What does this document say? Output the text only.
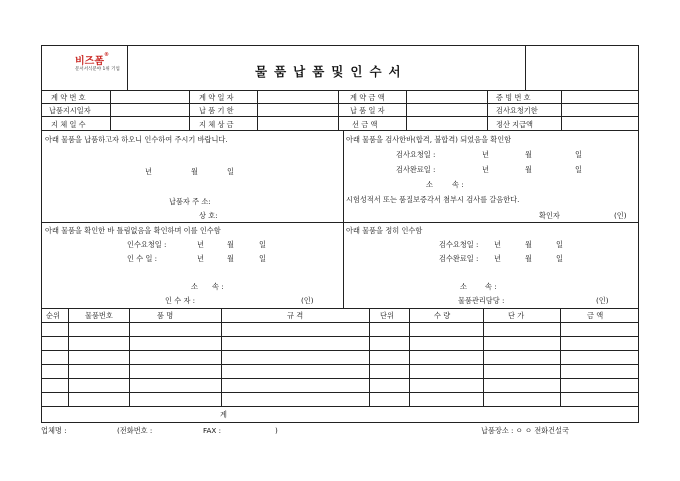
비즈폼®
문서서식분야 1위 기업	물품납품및인수서
계 약 번 호	계 약 일 자	계 약 금 액	증 빙 번 호
납품지시일자	납 품 기 한	납 품 일 자	검사요청기한
지 체 일 수	지 체 상 금	선 금 액	정산 지급액
아래 물품을 납품하고자 하오니 인수하여 주시기 바랍니다.
년	월	일
납품자 주 소:
상 호:
아래 물품을 검사한바(합격, 불합격) 되었음을 확인함
검사요청일 :	년	월	일
검사완료일 :	년	월	일
소	속 :
시험성적서 또는 품질보증각서 첨부시 검사를 갈음한다.
확인자	(인)
아래 물품을 확인한 바 틀림없음을 확인하며 이를 인수함
인수요청일 :	년	월	일
인 수 일 :	년	월	일
소 속 :
인 수 자 :	(인)
아래 물품을 정히 인수함
검수요청일 : 년	월	일
검수완료일 : 년	월	일
소	속 :
물품관리담당 :	(인)
순위	물품번호	품 명	규 격	단위	수 량	단 가	금 액
계
업체명 :	(전화번호 :	FAX :	)	납품장소 : ㅇ ㅇ 전화건설국
